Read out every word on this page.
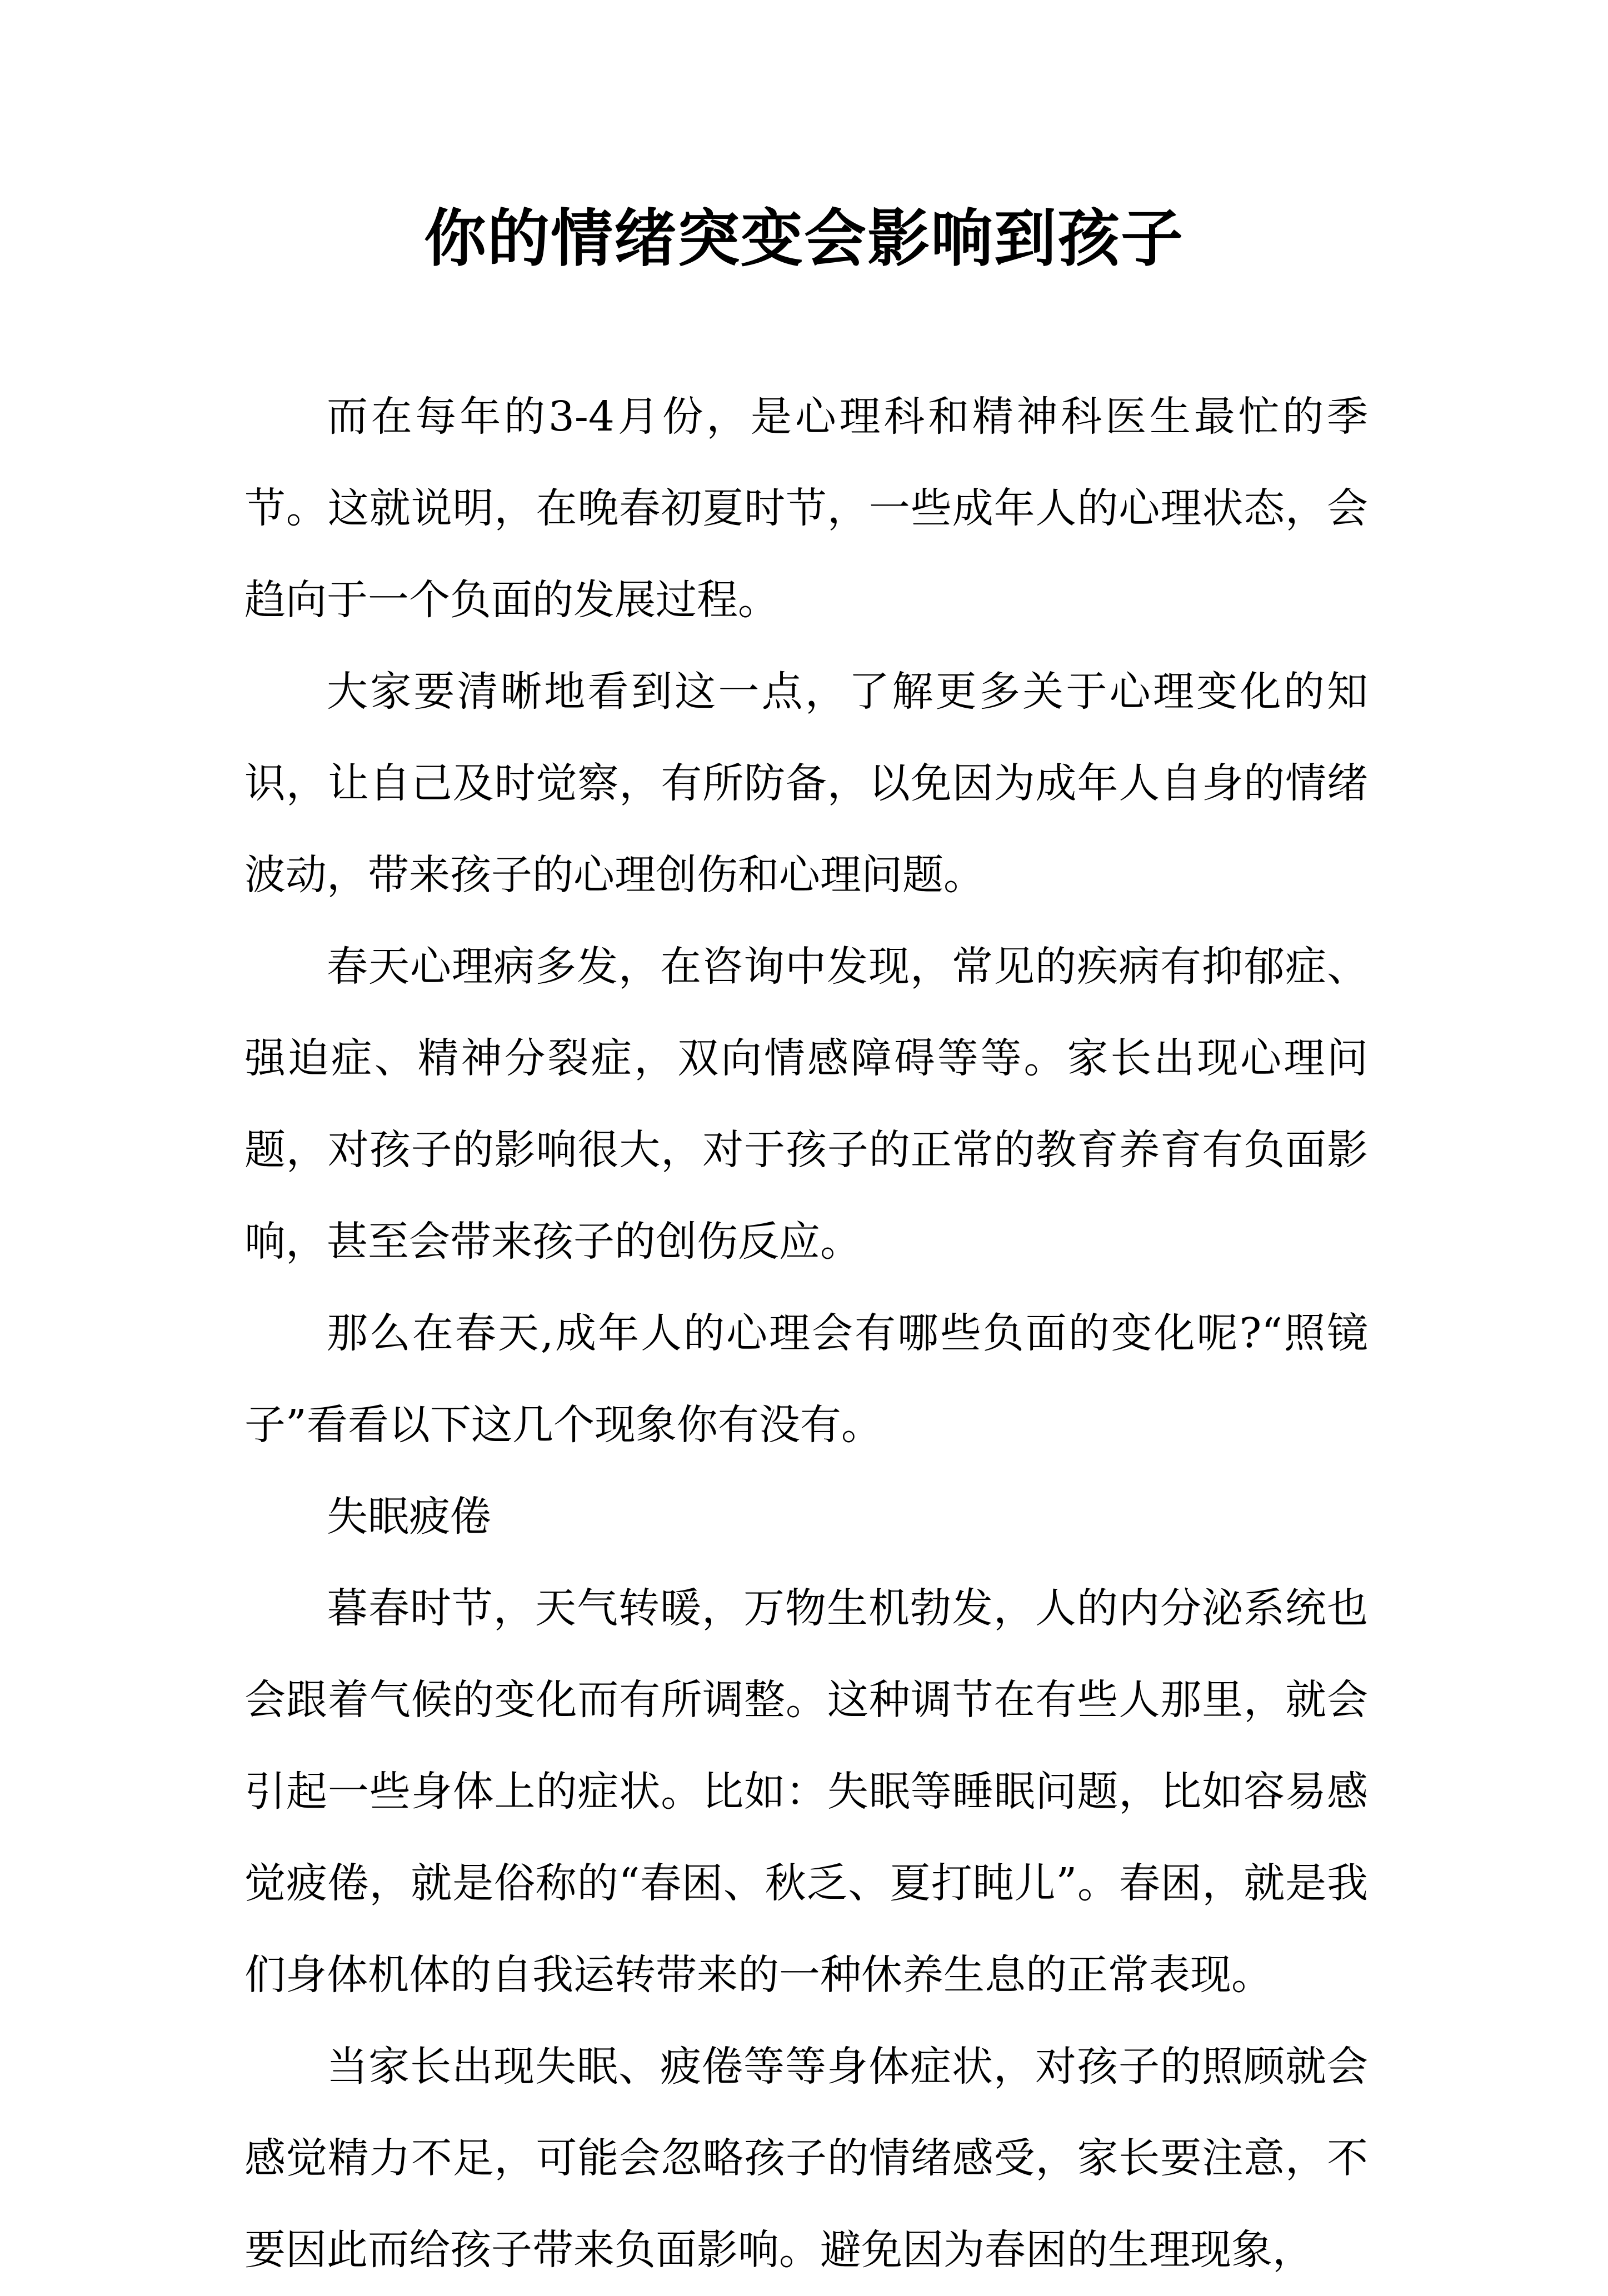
你的情绪突变会影响到孩子

而在每年的3-4月份，是心理科和精神科医生最忙的季节。这就说明，在晚春初夏时节，一些成年人的心理状态，会趋向于一个负面的发展过程。

大家要清晰地看到这一点，了解更多关于心理变化的知识，让自己及时觉察，有所防备，以免因为成年人自身的情绪波动，带来孩子的心理创伤和心理问题。

春天心理病多发，在咨询中发现，常见的疾病有抑郁症、强迫症、精神分裂症，双向情感障碍等等。家长出现心理问题，对孩子的影响很大，对于孩子的正常的教育养育有负面影响，甚至会带来孩子的创伤反应。

那么在春天,成年人的心理会有哪些负面的变化呢?“照镜子”看看以下这几个现象你有没有。

失眠疲倦

暮春时节，天气转暖，万物生机勃发，人的内分泌系统也会跟着气候的变化而有所调整。这种调节在有些人那里，就会引起一些身体上的症状。比如：失眠等睡眠问题，比如容易感觉疲倦，就是俗称的“春困、秋乏、夏打盹儿”。春困，就是我们身体机体的自我运转带来的一种休养生息的正常表现。

当家长出现失眠、疲倦等等身体症状，对孩子的照顾就会感觉精力不足，可能会忽略孩子的情绪感受，家长要注意，不要因此而给孩子带来负面影响。避免因为春困的生理现象，
